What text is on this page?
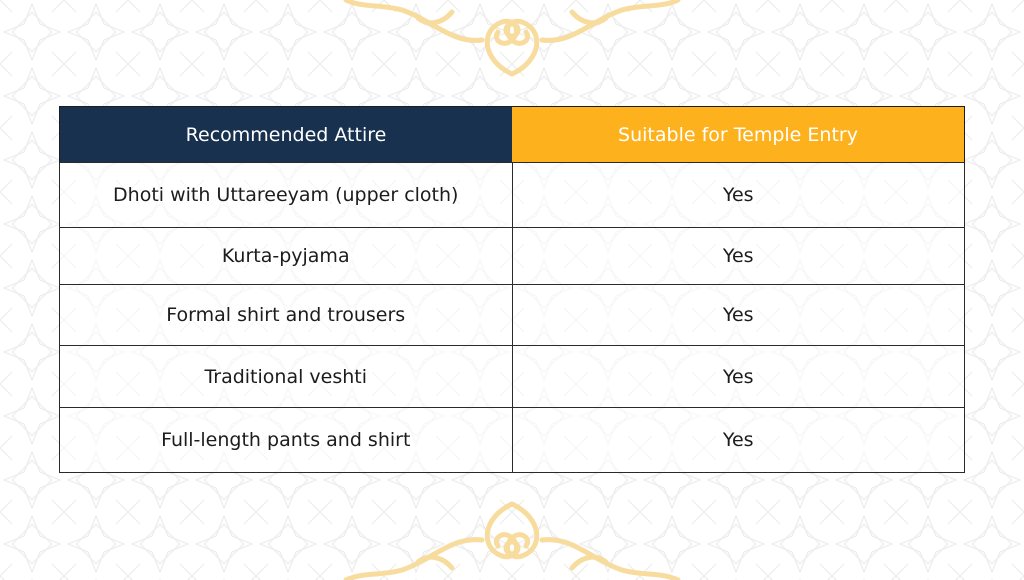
Recommended Attire	Suitable for Temple Entry
Dhoti with Uttareeyam (upper cloth)	Yes
Kurta-pyjama	Yes
Formal shirt and trousers	Yes
Traditional veshti	Yes
Full-length pants and shirt	Yes
